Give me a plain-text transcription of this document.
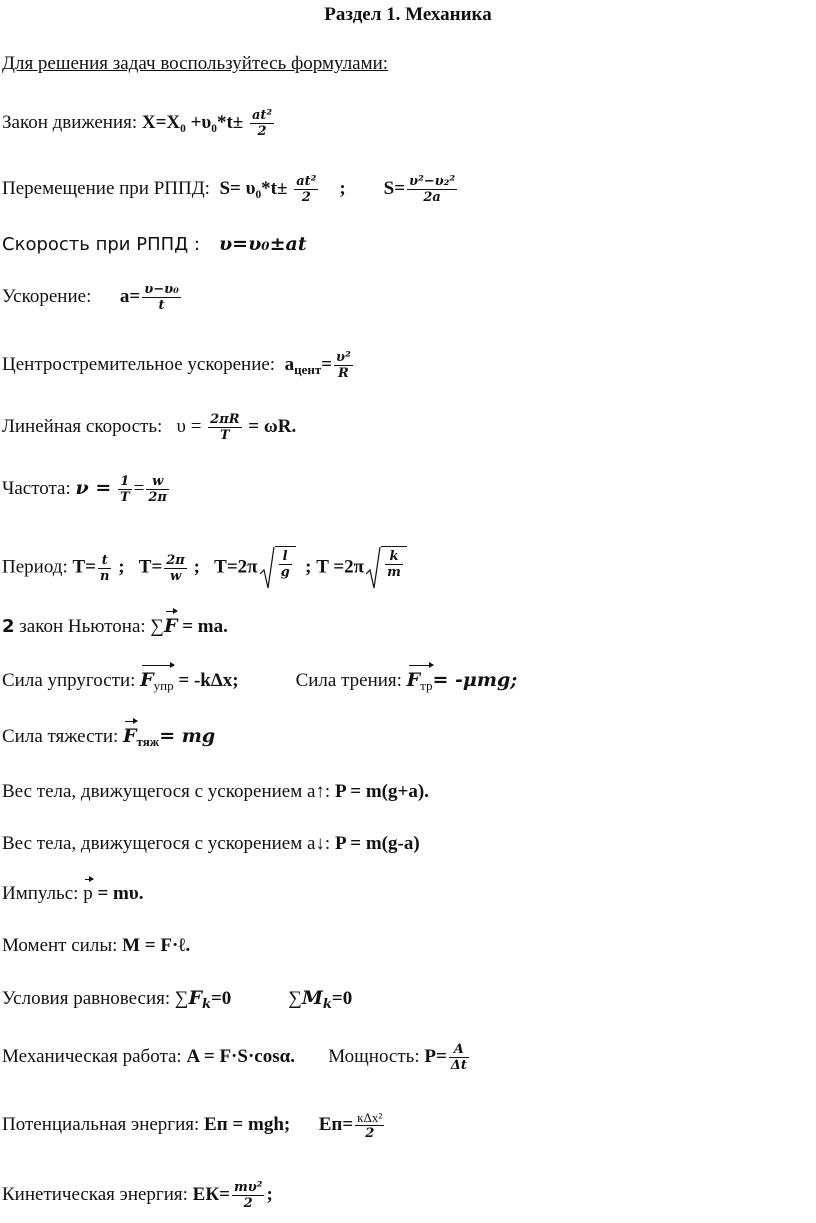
Раздел 1. Механика
Для решения задач воспользуйтесь формулами:
Закон движения: $X=X_0 +\upsilon_0*t\pm \frac{\text{at²}}{2}$
Перемещение при РППД: $S= \upsilon_0*t\pm \frac{\text{at²}}{2}$ ; $S= \frac{\text{υ²−υ₂²}}{2a}$
Скорость при РППД : υ=υ₀±at
Ускорение: $a= \frac{\text{υ−υ₀}}{t}$
Центростремительное ускорение: $a_{цент}= \frac{\text{υ²}}{R}$
Линейная скорость: $\upsilon = \frac{2\pi R}{T} = \omega R$.
Частота: $\nu = \frac{1}{T} = \frac{w}{2\pi}$
Период: $T= \frac{t}{n}$ ; $T= \frac{2\pi}{w}$ ; $T=2\pi \frac{l}{g}$ ; $T =2\pi \frac{k}{m}$
2 закон Ньютона: ∑F = ma.
Сила упругости: $F_{упр} = -k\Delta x$;	Сила трения: $F_{тр}= -\mu mg$;
Сила тяжести: $F_{тяж}=$ mg
Вес тела, движущегося с ускорением а↑: P = m(g+a).
Вес тела, движущегося с ускорением а↓: P = m(g-a)
Импульс: p = mυ.
Момент силы: M = F·ℓ.
Условия равновесия: $\sum F_k=0$	$\sum M_k=0$
Механическая работа: A = F·S·cosα. Мощность: $P= \frac{A}{\Delta t}$
Потенциальная энергия: Eп = mgh; $Eп= \frac{\text{кΔх²}}{2}$
Кинетическая энергия: $EК= \frac{\text{mυ²}}{2}$ ;
